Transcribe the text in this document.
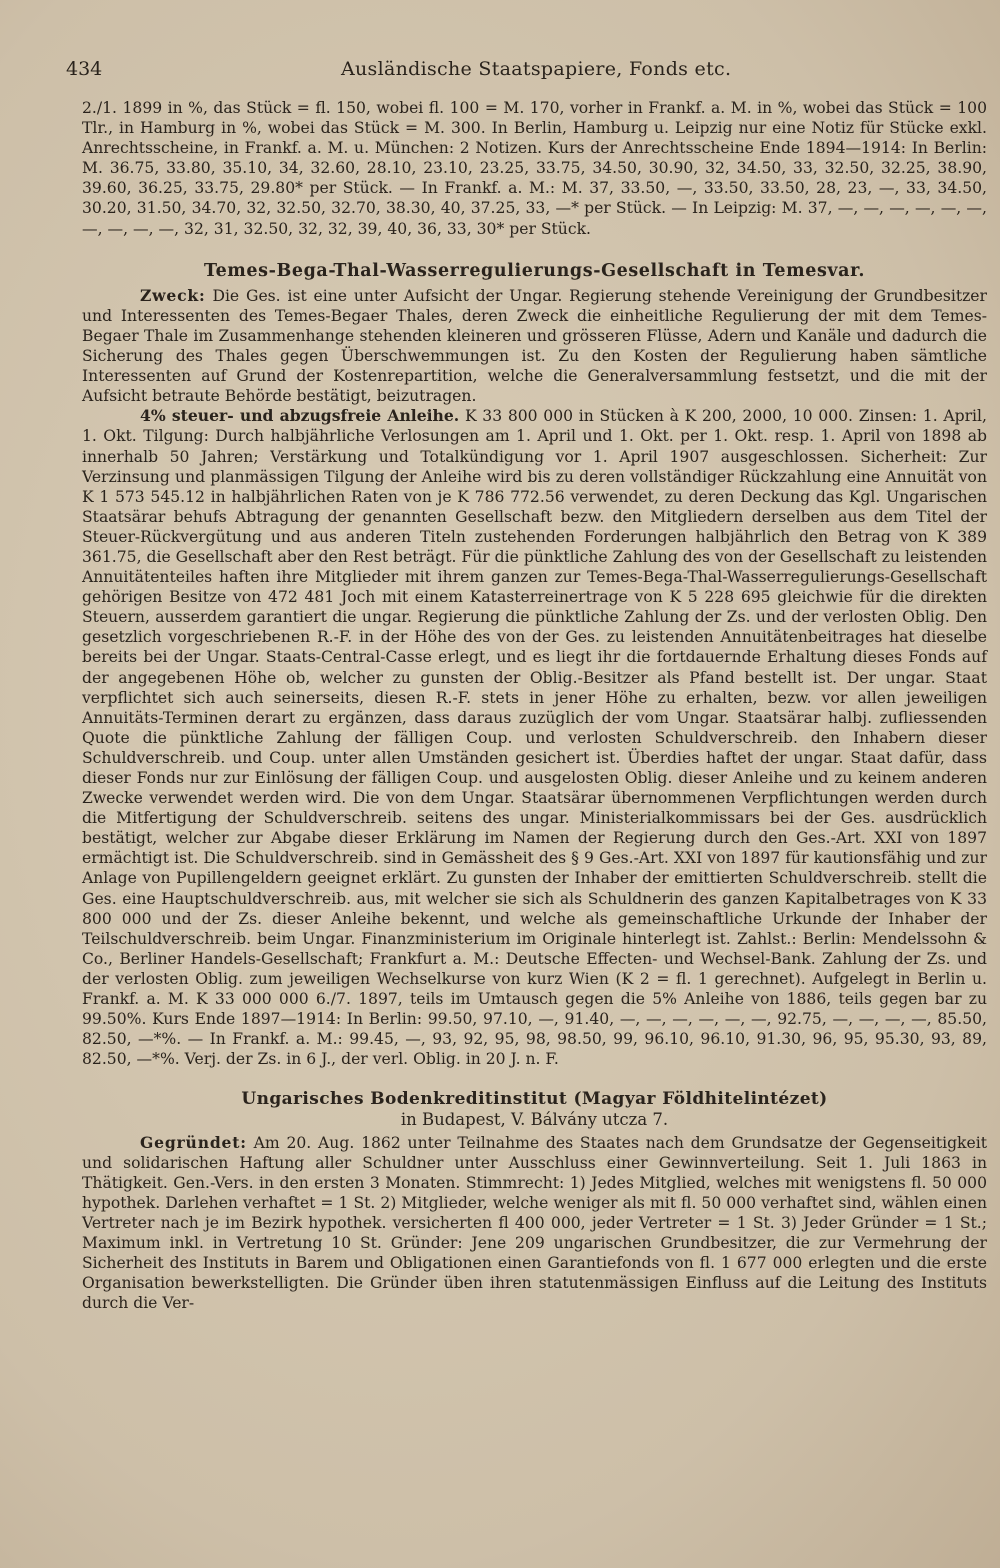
434	Ausländische Staatspapiere, Fonds etc.

2./1. 1899 in %, das Stück = fl. 150, wobei fl. 100 = M. 170, vorher in Frankf. a. M. in %, wobei das Stück = 100 Tlr., in Hamburg in %, wobei das Stück = M. 300. In Berlin, Hamburg u. Leipzig nur eine Notiz für Stücke exkl. Anrechtsscheine, in Frankf. a. M. u. München: 2 Notizen. Kurs der Anrechtsscheine Ende 1894—1914: In Berlin: M. 36.75, 33.80, 35.10, 34, 32.60, 28.10, 23.10, 23.25, 33.75, 34.50, 30.90, 32, 34.50, 33, 32.50, 32.25, 38.90, 39.60, 36.25, 33.75, 29.80* per Stück. — In Frankf. a. M.: M. 37, 33.50, —, 33.50, 33.50, 28, 23, —, 33, 34.50, 30.20, 31.50, 34.70, 32, 32.50, 32.70, 38.30, 40, 37.25, 33, —* per Stück. — In Leipzig: M. 37, —, —, —, —, —, —, —, —, —, —, 32, 31, 32.50, 32, 32, 39, 40, 36, 33, 30* per Stück.

Temes-Bega-Thal-Wasserregulierungs-Gesellschaft in Temesvar.

Zweck: Die Ges. ist eine unter Aufsicht der Ungar. Regierung stehende Vereinigung der Grundbesitzer und Interessenten des Temes-Begaer Thales, deren Zweck die einheitliche Regulierung der mit dem Temes-Begaer Thale im Zusammenhange stehenden kleineren und grösseren Flüsse, Adern und Kanäle und dadurch die Sicherung des Thales gegen Überschwemmungen ist. Zu den Kosten der Regulierung haben sämtliche Interessenten auf Grund der Kostenrepartition, welche die Generalversammlung festsetzt, und die mit der Aufsicht betraute Behörde bestätigt, beizutragen.

4% steuer- und abzugsfreie Anleihe. K 33 800 000 in Stücken à K 200, 2000, 10 000. Zinsen: 1. April, 1. Okt. Tilgung: Durch halbjährliche Verlosungen am 1. April und 1. Okt. per 1. Okt. resp. 1. April von 1898 ab innerhalb 50 Jahren; Verstärkung und Totalkündigung vor 1. April 1907 ausgeschlossen. Sicherheit: Zur Verzinsung und planmässigen Tilgung der Anleihe wird bis zu deren vollständiger Rückzahlung eine Annuität von K 1 573 545.12 in halbjährlichen Raten von je K 786 772.56 verwendet, zu deren Deckung das Kgl. Ungarischen Staatsärar behufs Abtragung der genannten Gesellschaft bezw. den Mitgliedern derselben aus dem Titel der Steuer-Rückvergütung und aus anderen Titeln zustehenden Forderungen halbjährlich den Betrag von K 389 361.75, die Gesellschaft aber den Rest beträgt. Für die pünktliche Zahlung des von der Gesellschaft zu leistenden Annuitätenteiles haften ihre Mitglieder mit ihrem ganzen zur Temes-Bega-Thal-Wasserregulierungs-Gesellschaft gehörigen Besitze von 472 481 Joch mit einem Katasterreinertrage von K 5 228 695 gleichwie für die direkten Steuern, ausserdem garantiert die ungar. Regierung die pünktliche Zahlung der Zs. und der verlosten Oblig. Den gesetzlich vorgeschriebenen R.-F. in der Höhe des von der Ges. zu leistenden Annuitätenbeitrages hat dieselbe bereits bei der Ungar. Staats-Central-Casse erlegt, und es liegt ihr die fortdauernde Erhaltung dieses Fonds auf der angegebenen Höhe ob, welcher zu gunsten der Oblig.-Besitzer als Pfand bestellt ist. Der ungar. Staat verpflichtet sich auch seinerseits, diesen R.-F. stets in jener Höhe zu erhalten, bezw. vor allen jeweiligen Annuitäts-Terminen derart zu ergänzen, dass daraus zuzüglich der vom Ungar. Staatsärar halbj. zufliessenden Quote die pünktliche Zahlung der fälligen Coup. und verlosten Schuldverschreib. den Inhabern dieser Schuldverschreib. und Coup. unter allen Umständen gesichert ist. Überdies haftet der ungar. Staat dafür, dass dieser Fonds nur zur Einlösung der fälligen Coup. und ausgelosten Oblig. dieser Anleihe und zu keinem anderen Zwecke verwendet werden wird. Die von dem Ungar. Staatsärar übernommenen Verpflichtungen werden durch die Mitfertigung der Schuldverschreib. seitens des ungar. Ministerialkommissars bei der Ges. ausdrücklich bestätigt, welcher zur Abgabe dieser Erklärung im Namen der Regierung durch den Ges.-Art. XXI von 1897 ermächtigt ist. Die Schuldverschreib. sind in Gemässheit des § 9 Ges.-Art. XXI von 1897 für kautionsfähig und zur Anlage von Pupillengeldern geeignet erklärt. Zu gunsten der Inhaber der emittierten Schuldverschreib. stellt die Ges. eine Hauptschuldverschreib. aus, mit welcher sie sich als Schuldnerin des ganzen Kapitalbetrages von K 33 800 000 und der Zs. dieser Anleihe bekennt, und welche als gemeinschaftliche Urkunde der Inhaber der Teilschuldverschreib. beim Ungar. Finanzministerium im Originale hinterlegt ist. Zahlst.: Berlin: Mendelssohn & Co., Berliner Handels-Gesellschaft; Frankfurt a. M.: Deutsche Effecten- und Wechsel-Bank. Zahlung der Zs. und der verlosten Oblig. zum jeweiligen Wechselkurse von kurz Wien (K 2 = fl. 1 gerechnet). Aufgelegt in Berlin u. Frankf. a. M. K 33 000 000 6./7. 1897, teils im Umtausch gegen die 5% Anleihe von 1886, teils gegen bar zu 99.50%. Kurs Ende 1897—1914: In Berlin: 99.50, 97.10, —, 91.40, —, —, —, —, —, —, 92.75, —, —, —, —, 85.50, 82.50, —*%. — In Frankf. a. M.: 99.45, —, 93, 92, 95, 98, 98.50, 99, 96.10, 96.10, 91.30, 96, 95, 95.30, 93, 89, 82.50, —*%. Verj. der Zs. in 6 J., der verl. Oblig. in 20 J. n. F.

Ungarisches Bodenkreditinstitut (Magyar Földhitelintézet)

in Budapest, V. Bálvány utcza 7.

Gegründet: Am 20. Aug. 1862 unter Teilnahme des Staates nach dem Grundsatze der Gegenseitigkeit und solidarischen Haftung aller Schuldner unter Ausschluss einer Gewinnverteilung. Seit 1. Juli 1863 in Thätigkeit. Gen.-Vers. in den ersten 3 Monaten. Stimmrecht: 1) Jedes Mitglied, welches mit wenigstens fl. 50 000 hypothek. Darlehen verhaftet = 1 St. 2) Mitglieder, welche weniger als mit fl. 50 000 verhaftet sind, wählen einen Vertreter nach je im Bezirk hypothek. versicherten fl 400 000, jeder Vertreter = 1 St. 3) Jeder Gründer = 1 St.; Maximum inkl. in Vertretung 10 St. Gründer: Jene 209 ungarischen Grundbesitzer, die zur Vermehrung der Sicherheit des Instituts in Barem und Obligationen einen Garantiefonds von fl. 1 677 000 erlegten und die erste Organisation bewerkstelligten. Die Gründer üben ihren statutenmässigen Einfluss auf die Leitung des Instituts durch die Ver-
